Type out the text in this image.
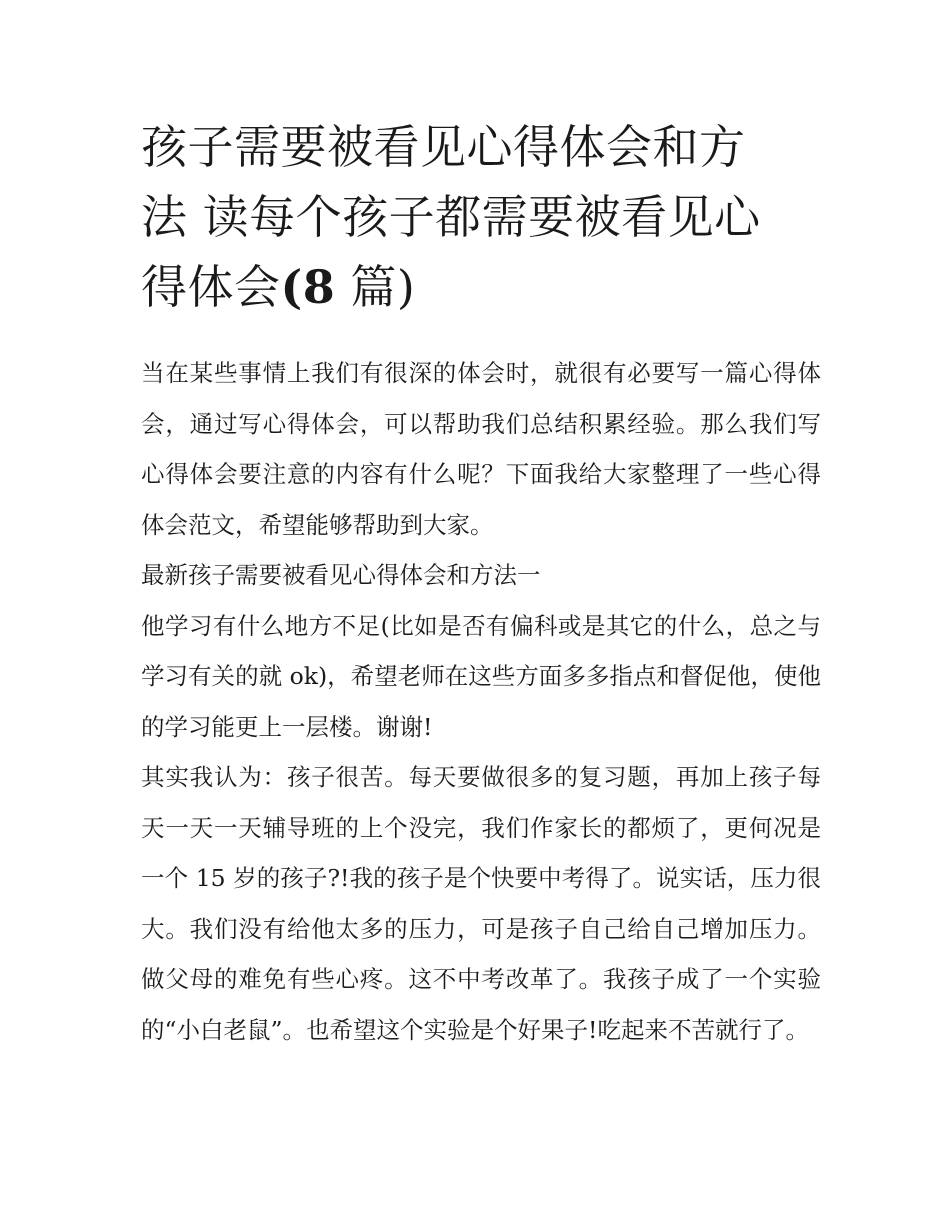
孩子需要被看见心得体会和方
法 读每个孩子都需要被看见心
得体会(8 篇)

当在某些事情上我们有很深的体会时，就很有必要写一篇心得体会，通过写心得体会，可以帮助我们总结积累经验。那么我们写心得体会要注意的内容有什么呢？下面我给大家整理了一些心得体会范文，希望能够帮助到大家。

最新孩子需要被看见心得体会和方法一

他学习有什么地方不足(比如是否有偏科或是其它的什么，总之与学习有关的就 ok)，希望老师在这些方面多多指点和督促他，使他的学习能更上一层楼。谢谢!

其实我认为：孩子很苦。每天要做很多的复习题，再加上孩子每天一天一天辅导班的上个没完，我们作家长的都烦了，更何况是一个 15 岁的孩子?!我的孩子是个快要中考得了。说实话，压力很大。我们没有给他太多的压力，可是孩子自己给自己增加压力。做父母的难免有些心疼。这不中考改革了。我孩子成了一个实验的“小白老鼠”。也希望这个实验是个好果子!吃起来不苦就行了。
